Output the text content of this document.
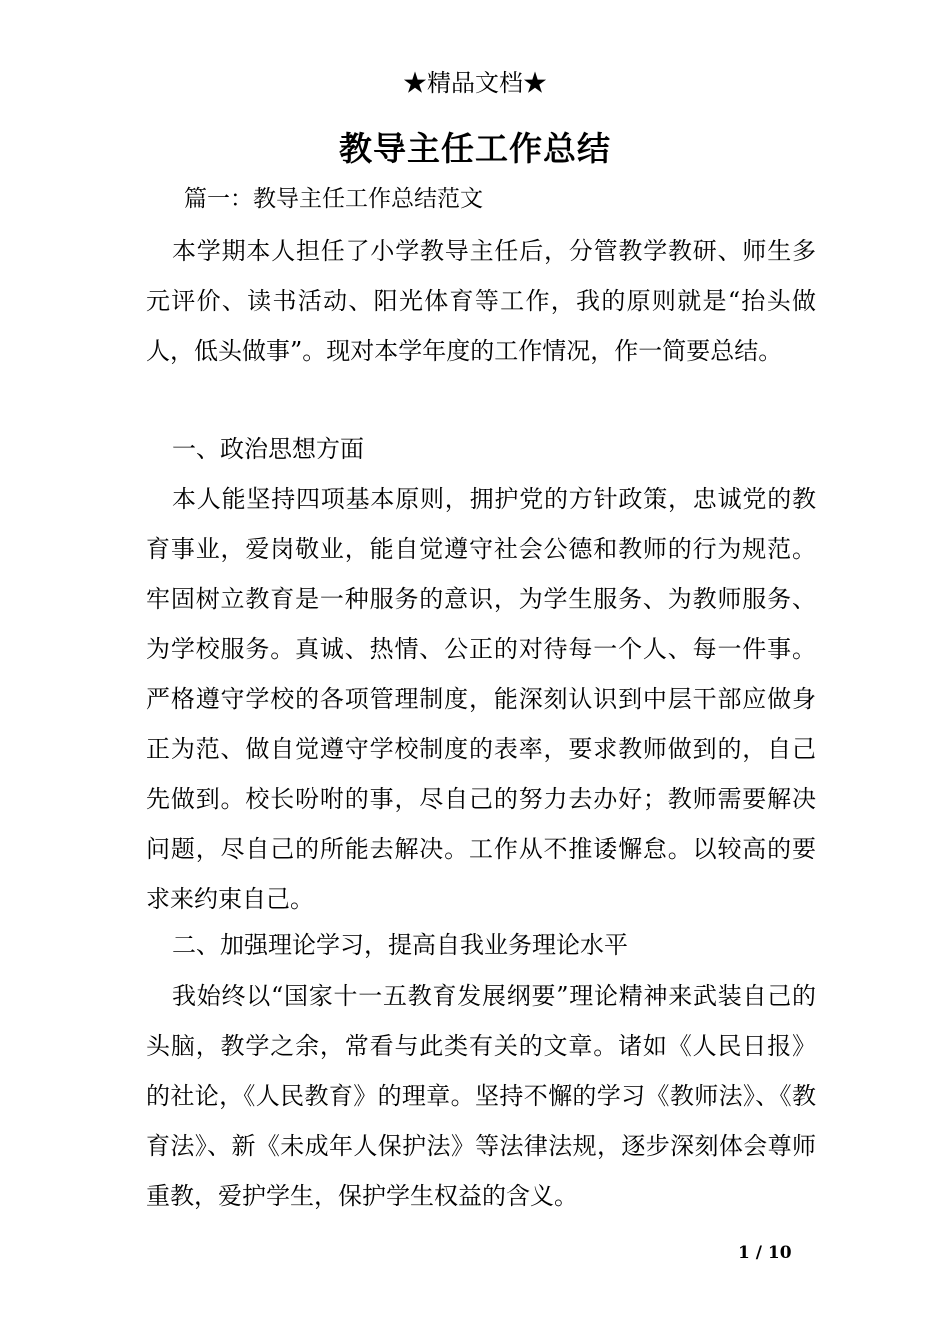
★精品文档★
教导主任工作总结
篇一：教导主任工作总结范文
本学期本人担任了小学教导主任后，分管教学教研、师生多元评价、读书活动、阳光体育等工作，我的原则就是“抬头做人，低头做事”。现对本学年度的工作情况，作一简要总结。
一、政治思想方面
本人能坚持四项基本原则，拥护党的方针政策，忠诚党的教育事业，爱岗敬业，能自觉遵守社会公德和教师的行为规范。牢固树立教育是一种服务的意识，为学生服务、为教师服务、为学校服务。真诚、热情、公正的对待每一个人、每一件事。严格遵守学校的各项管理制度，能深刻认识到中层干部应做身正为范、做自觉遵守学校制度的表率，要求教师做到的，自己先做到。校长吩咐的事，尽自己的努力去办好；教师需要解决问题，尽自己的所能去解决。工作从不推诿懈怠。以较高的要求来约束自己。
二、加强理论学习，提高自我业务理论水平
我始终以“国家十一五教育发展纲要”理论精神来武装自己的头脑，教学之余，常看与此类有关的文章。诸如《人民日报》的社论，《人民教育》的理章。坚持不懈的学习《教师法》、《教育法》、新《未成年人保护法》等法律法规，逐步深刻体会尊师重教，爱护学生，保护学生权益的含义。
1 / 10
